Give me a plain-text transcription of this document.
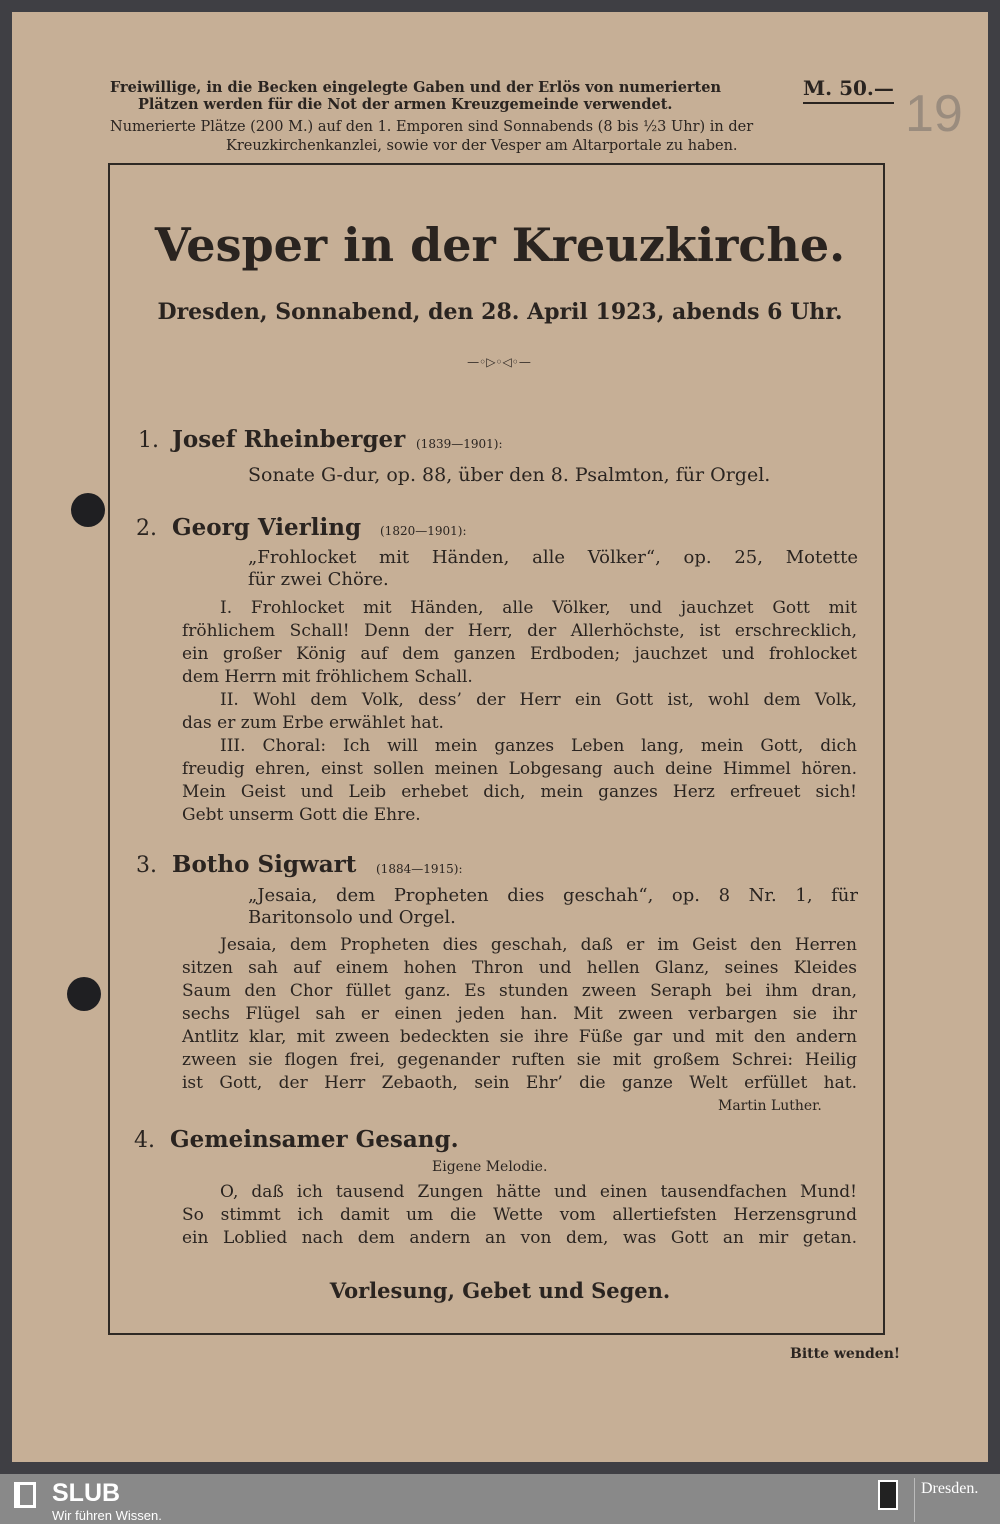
Freiwillige, in die Becken eingelegte Gaben und der Erlös von numerierten
Plätzen werden für die Not der armen Kreuzgemeinde verwendet.
M. 50.— 19
Numerierte Plätze (200 M.) auf den 1. Emporen sind Sonnabends (8 bis ½3 Uhr) in der
Kreuzkirchenkanzlei, sowie vor der Vesper am Altarportale zu haben.
Vesper in der Kreuzkirche.
Dresden, Sonnabend, den 28. April 1923, abends 6 Uhr.
—◦▷◦◁◦—
1. Josef Rheinberger (1839—1901):
Sonate G-dur, op. 88, über den 8. Psalmton, für Orgel.
2. Georg Vierling (1820—1901):
„Frohlocket mit Händen, alle Völker“, op. 25, Motette
für zwei Chöre.
I. Frohlocket mit Händen, alle Völker, und jauchzet Gott mit
fröhlichem Schall! Denn der Herr, der Allerhöchste, ist erschrecklich,
ein großer König auf dem ganzen Erdboden; jauchzet und frohlocket
dem Herrn mit fröhlichem Schall.
II. Wohl dem Volk, dess’ der Herr ein Gott ist, wohl dem Volk,
das er zum Erbe erwählet hat.
III. Choral: Ich will mein ganzes Leben lang, mein Gott, dich
freudig ehren, einst sollen meinen Lobgesang auch deine Himmel hören.
Mein Geist und Leib erhebet dich, mein ganzes Herz erfreuet sich!
Gebt unserm Gott die Ehre.
3. Botho Sigwart (1884—1915):
„Jesaia, dem Propheten dies geschah“, op. 8 Nr. 1, für
Baritonsolo und Orgel.
Jesaia, dem Propheten dies geschah, daß er im Geist den Herren
sitzen sah auf einem hohen Thron und hellen Glanz, seines Kleides
Saum den Chor füllet ganz. Es stunden zween Seraph bei ihm dran,
sechs Flügel sah er einen jeden han. Mit zween verbargen sie ihr
Antlitz klar, mit zween bedeckten sie ihre Füße gar und mit den andern
zween sie flogen frei, gegenander ruften sie mit großem Schrei: Heilig
ist Gott, der Herr Zebaoth, sein Ehr’ die ganze Welt erfüllet hat.
Martin Luther.
4. Gemeinsamer Gesang.
Eigene Melodie.
O, daß ich tausend Zungen hätte und einen tausendfachen Mund!
So stimmt ich damit um die Wette vom allertiefsten Herzensgrund
ein Loblied nach dem andern an von dem, was Gott an mir getan.
Vorlesung, Gebet und Segen.
Bitte wenden!
SLUB
Wir führen Wissen.
Dresden.
